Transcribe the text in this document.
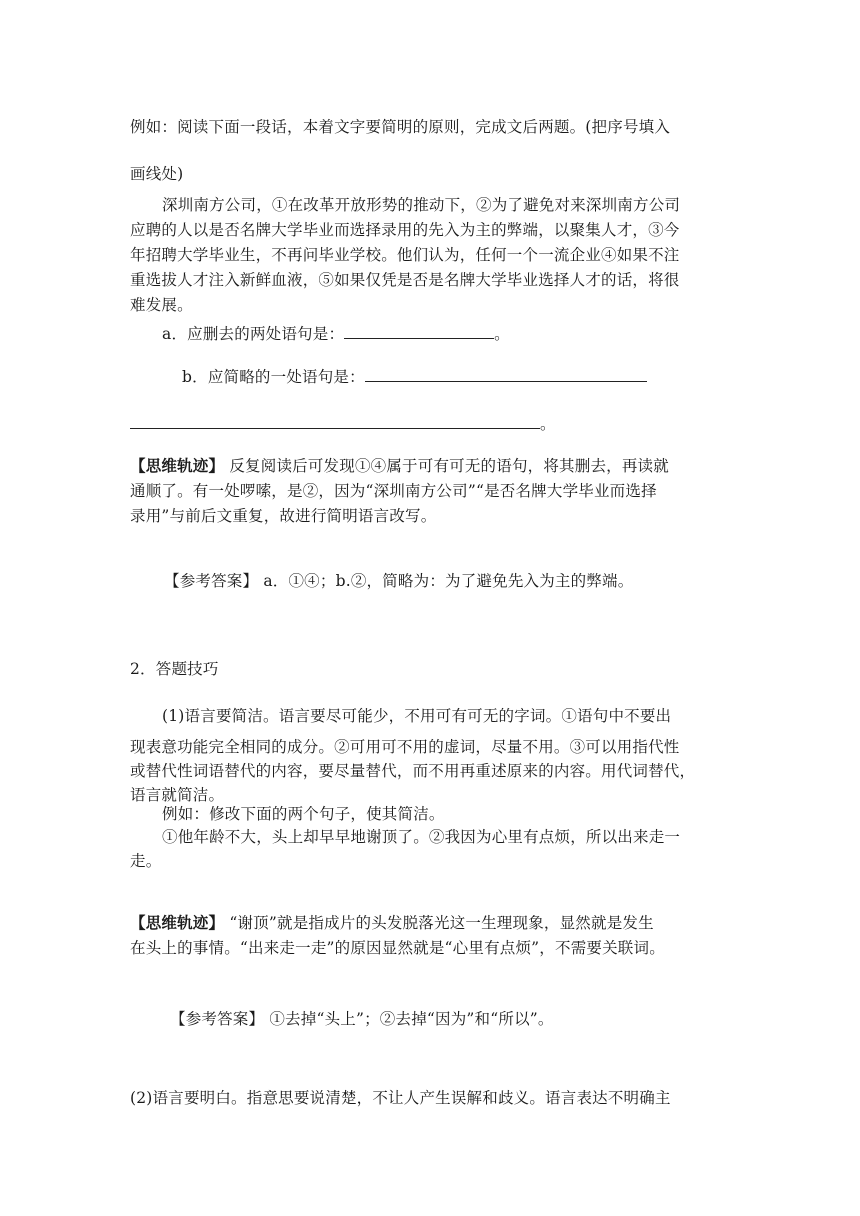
例如：阅读下面一段话，本着文字要简明的原则，完成文后两题。(把序号填入
画线处)
深圳南方公司，①在改革开放形势的推动下，②为了避免对来深圳南方公司
应聘的人以是否名牌大学毕业而选择录用的先入为主的弊端，以聚集人才，③今
年招聘大学毕业生，不再问毕业学校。他们认为，任何一个一流企业④如果不注
重选拔人才注入新鲜血液，⑤如果仅凭是否是名牌大学毕业选择人才的话，将很
难发展。
a．应删去的两处语句是：	。
b．应简略的一处语句是：
。
【思维轨迹】 反复阅读后可发现①④属于可有可无的语句，将其删去，再读就
通顺了。有一处啰嗦，是②，因为“深圳南方公司”“是否名牌大学毕业而选择
录用”与前后文重复，故进行简明语言改写。
【参考答案】 a．①④；b.②，简略为：为了避免先入为主的弊端。
2．答题技巧
(1)语言要简洁。语言要尽可能少，不用可有可无的字词。①语句中不要出
现表意功能完全相同的成分。②可用可不用的虚词，尽量不用。③可以用指代性
或替代性词语替代的内容，要尽量替代，而不用再重述原来的内容。用代词替代，
语言就简洁。
例如：修改下面的两个句子，使其简洁。
①他年龄不大，头上却早早地谢顶了。②我因为心里有点烦，所以出来走一
走。
【思维轨迹】 “谢顶”就是指成片的头发脱落光这一生理现象，显然就是发生
在头上的事情。“出来走一走”的原因显然就是“心里有点烦”，不需要关联词。
【参考答案】 ①去掉“头上”；②去掉“因为”和“所以”。
(2)语言要明白。指意思要说清楚，不让人产生误解和歧义。语言表达不明确主
